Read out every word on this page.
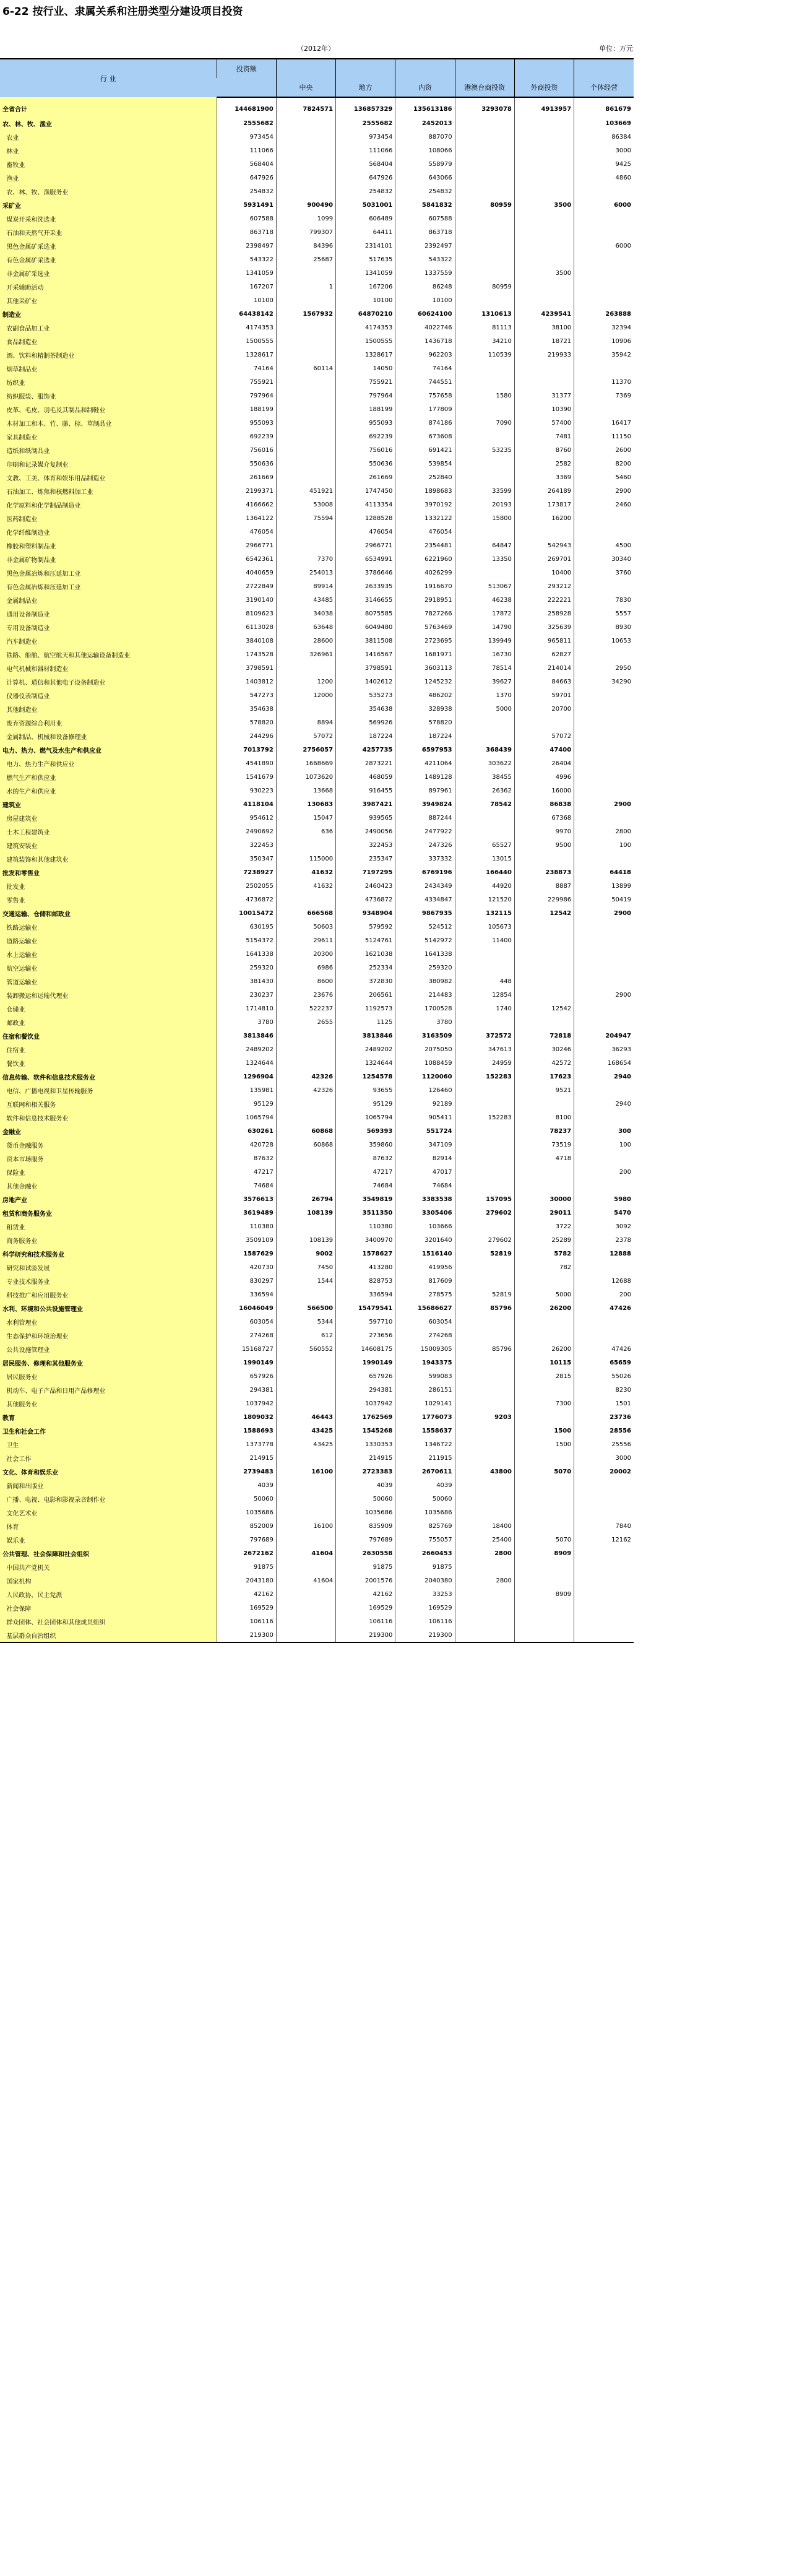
6-22 按行业、隶属关系和注册类型分建设项目投资
（2012年）	单位：万元
行 业	投资额						
		中央	地方	内资	港澳台商投资	外商投资	个体经营
全省合计	144681900	7824571	136857329	135613186	3293078	4913957	861679
农、林、牧、渔业	2555682		2555682	2452013			103669
农业	973454		973454	887070			86384
林业	111066		111066	108066			3000
畜牧业	568404		568404	558979			9425
渔业	647926		647926	643066			4860
农、林、牧、渔服务业	254832		254832	254832			
采矿业	5931491	900490	5031001	5841832	80959	3500	6000
煤炭开采和洗选业	607588	1099	606489	607588			
石油和天然气开采业	863718	799307	64411	863718			
黑色金属矿采选业	2398497	84396	2314101	2392497			6000
有色金属矿采选业	543322	25687	517635	543322			
非金属矿采选业	1341059		1341059	1337559		3500	
开采辅助活动	167207	1	167206	86248	80959		
其他采矿业	10100		10100	10100			
制造业	64438142	1567932	64870210	60624100	1310613	4239541	263888
农副食品加工业	4174353		4174353	4022746	81113	38100	32394
食品制造业	1500555		1500555	1436718	34210	18721	10906
酒、饮料和精制茶制造业	1328617		1328617	962203	110539	219933	35942
烟草制品业	74164	60114	14050	74164			
纺织业	755921		755921	744551			11370
纺织服装、服饰业	797964		797964	757658	1580	31377	7369
皮革、毛皮、羽毛及其制品和制鞋业	188199		188199	177809		10390	
木材加工和木、竹、藤、棕、草制品业	955093		955093	874186	7090	57400	16417
家具制造业	692239		692239	673608		7481	11150
造纸和纸制品业	756016		756016	691421	53235	8760	2600
印刷和记录媒介复制业	550636		550636	539854		2582	8200
文教、工美、体育和娱乐用品制造业	261669		261669	252840		3369	5460
石油加工、炼焦和核燃料加工业	2199371	451921	1747450	1898683	33599	264189	2900
化学原料和化学制品制造业	4166662	53008	4113354	3970192	20193	173817	2460
医药制造业	1364122	75594	1288528	1332122	15800	16200	
化学纤维制造业	476054		476054	476054			
橡胶和塑料制品业	2966771		2966771	2354481	64847	542943	4500
非金属矿物制品业	6542361	7370	6534991	6221960	13350	269701	30340
黑色金属冶炼和压延加工业	4040659	254013	3786646	4026299		10400	3760
有色金属冶炼和压延加工业	2722849	89914	2633935	1916670	513067	293212	
金属制品业	3190140	43485	3146655	2918951	46238	222221	7830
通用设备制造业	8109623	34038	8075585	7827266	17872	258928	5557
专用设备制造业	6113028	63648	6049480	5763469	14790	325639	8930
汽车制造业	3840108	28600	3811508	2723695	139949	965811	10653
铁路、船舶、航空航天和其他运输设备制造业	1743528	326961	1416567	1681971	16730	62827	
电气机械和器材制造业	3798591		3798591	3603113	78514	214014	2950
计算机、通信和其他电子设备制造业	1403812	1200	1402612	1245232	39627	84663	34290
仪器仪表制造业	547273	12000	535273	486202	1370	59701	
其他制造业	354638		354638	328938	5000	20700	
废弃资源综合利用业	578820	8894	569926	578820			
金属制品、机械和设备修理业	244296	57072	187224	187224		57072	
电力、热力、燃气及水生产和供应业	7013792	2756057	4257735	6597953	368439	47400	
电力、热力生产和供应业	4541890	1668669	2873221	4211064	303622	26404	
燃气生产和供应业	1541679	1073620	468059	1489128	38455	4996	
水的生产和供应业	930223	13668	916455	897961	26362	16000	
建筑业	4118104	130683	3987421	3949824	78542	86838	2900
房屋建筑业	954612	15047	939565	887244		67368	
土木工程建筑业	2490692	636	2490056	2477922		9970	2800
建筑安装业	322453		322453	247326	65527	9500	100
建筑装饰和其他建筑业	350347	115000	235347	337332	13015		
批发和零售业	7238927	41632	7197295	6769196	166440	238873	64418
批发业	2502055	41632	2460423	2434349	44920	8887	13899
零售业	4736872		4736872	4334847	121520	229986	50419
交通运输、仓储和邮政业	10015472	666568	9348904	9867935	132115	12542	2900
铁路运输业	630195	50603	579592	524512	105673		
道路运输业	5154372	29611	5124761	5142972	11400		
水上运输业	1641338	20300	1621038	1641338			
航空运输业	259320	6986	252334	259320			
管道运输业	381430	8600	372830	380982	448		
装卸搬运和运输代理业	230237	23676	206561	214483	12854		2900
仓储业	1714810	522237	1192573	1700528	1740	12542	
邮政业	3780	2655	1125	3780			
住宿和餐饮业	3813846		3813846	3163509	372572	72818	204947
住宿业	2489202		2489202	2075050	347613	30246	36293
餐饮业	1324644		1324644	1088459	24959	42572	168654
信息传输、软件和信息技术服务业	1296904	42326	1254578	1120060	152283	17623	2940
电信、广播电视和卫星传输服务	135981	42326	93655	126460		9521	
互联网和相关服务	95129		95129	92189			2940
软件和信息技术服务业	1065794		1065794	905411	152283	8100	
金融业	630261	60868	569393	551724		78237	300
货币金融服务	420728	60868	359860	347109		73519	100
资本市场服务	87632		87632	82914		4718	
保险业	47217		47217	47017			200
其他金融业	74684		74684	74684			
房地产业	3576613	26794	3549819	3383538	157095	30000	5980
租赁和商务服务业	3619489	108139	3511350	3305406	279602	29011	5470
租赁业	110380		110380	103666		3722	3092
商务服务业	3509109	108139	3400970	3201640	279602	25289	2378
科学研究和技术服务业	1587629	9002	1578627	1516140	52819	5782	12888
研究和试验发展	420730	7450	413280	419956		782	
专业技术服务业	830297	1544	828753	817609			12688
科技推广和应用服务业	336594		336594	278575	52819	5000	200
水利、环境和公共设施管理业	16046049	566500	15479541	15686627	85796	26200	47426
水利管理业	603054	5344	597710	603054			
生态保护和环境治理业	274268	612	273656	274268			
公共设施管理业	15168727	560552	14608175	15009305	85796	26200	47426
居民服务、修理和其他服务业	1990149		1990149	1943375		10115	65659
居民服务业	657926		657926	599083		2815	55026
机动车、电子产品和日用产品修理业	294381		294381	286151			8230
其他服务业	1037942		1037942	1029141		7300	1501
教育	1809032	46443	1762569	1776073	9203		23736
卫生和社会工作	1588693	43425	1545268	1558637		1500	28556
卫生	1373778	43425	1330353	1346722		1500	25556
社会工作	214915		214915	211915			3000
文化、体育和娱乐业	2739483	16100	2723383	2670611	43800	5070	20002
新闻和出版业	4039		4039	4039			
广播、电视、电影和影视录音制作业	50060		50060	50060			
文化艺术业	1035686		1035686	1035686			
体育	852009	16100	835909	825769	18400		7840
娱乐业	797689		797689	755057	25400	5070	12162
公共管理、社会保障和社会组织	2672162	41604	2630558	2660453	2800	8909	
中国共产党机关	91875		91875	91875			
国家机构	2043180	41604	2001576	2040380	2800		
人民政协、民主党派	42162		42162	33253		8909	
社会保障	169529		169529	169529			
群众团体、社会团体和其他成员组织	106116		106116	106116			
基层群众自治组织	219300		219300	219300			
